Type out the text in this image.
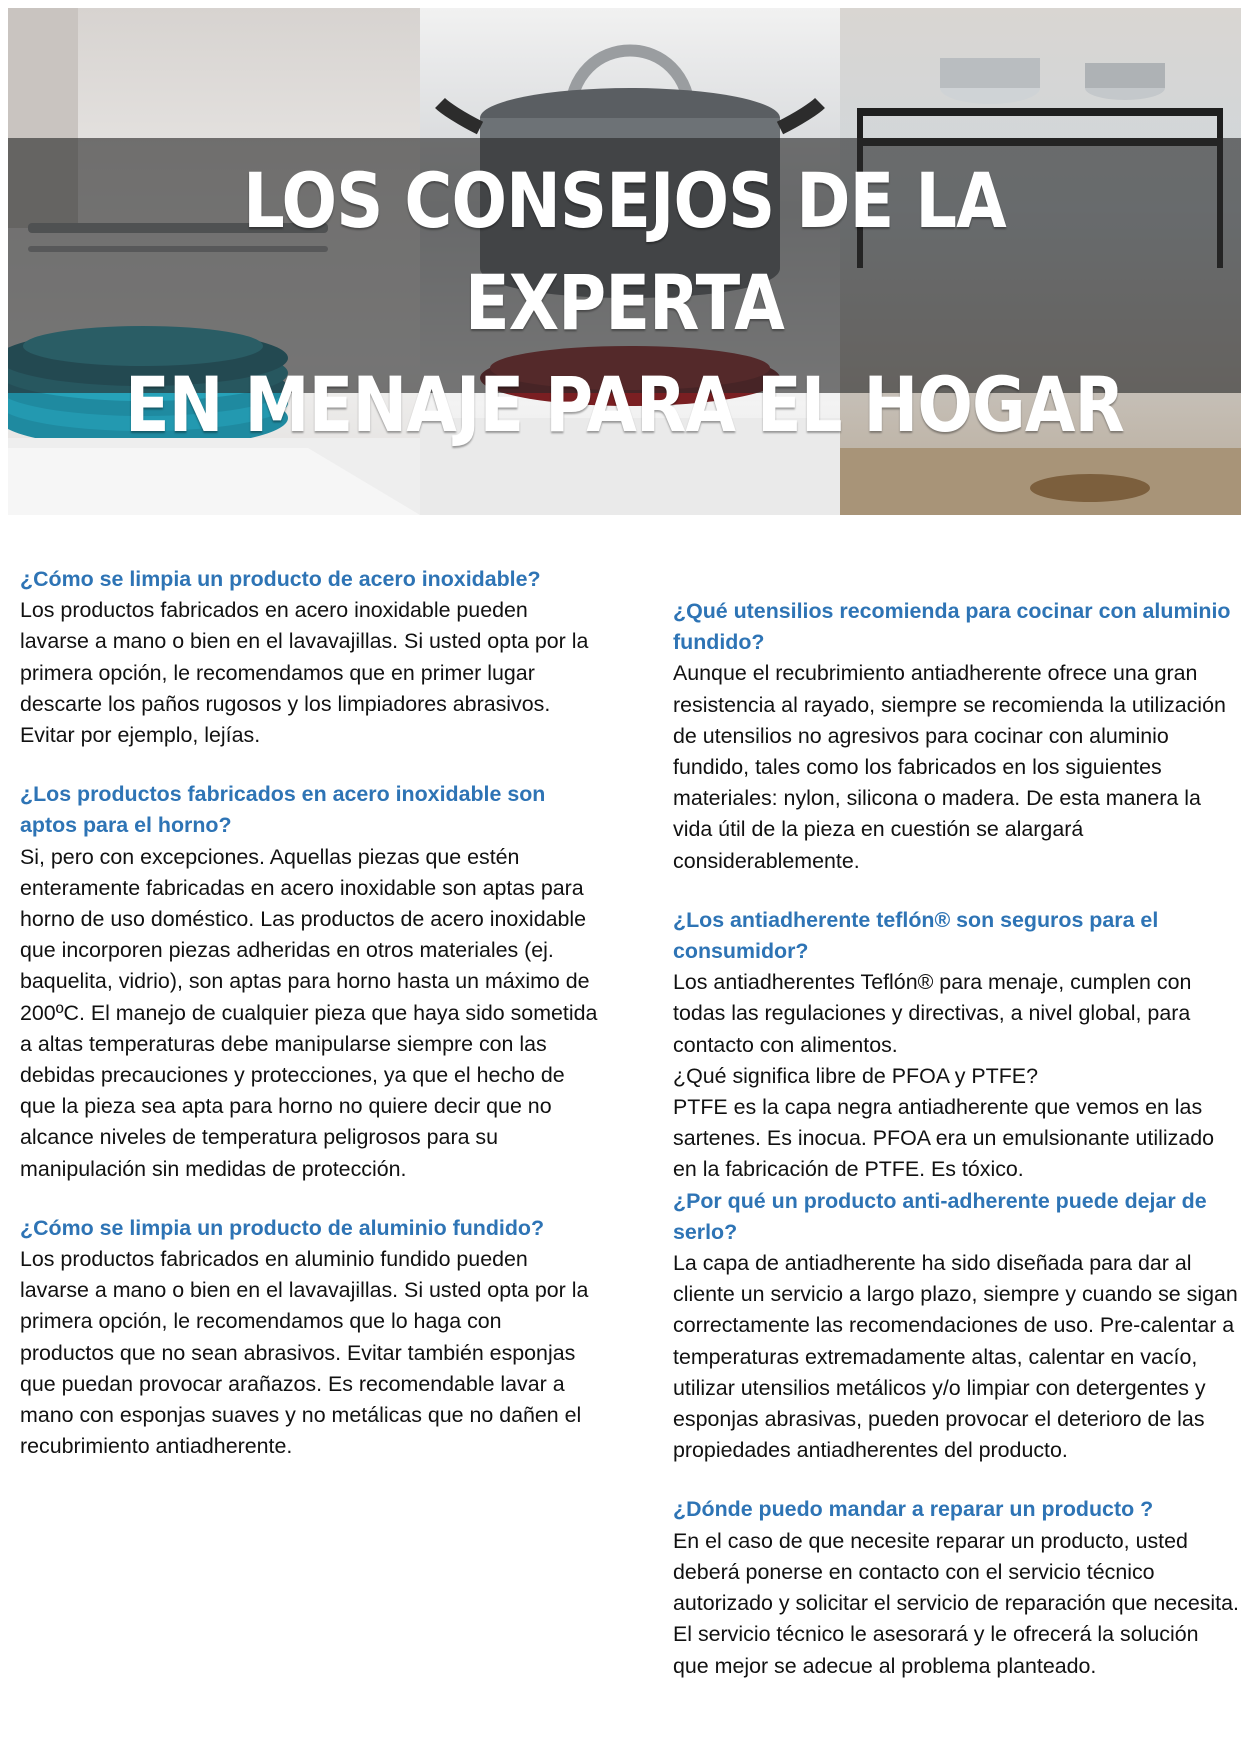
LOS CONSEJOS DE LA EXPERTA
EN MENAJE PARA EL HOGAR

¿Cómo se limpia un producto de acero inoxidable?

Los productos fabricados en acero inoxidable pueden lavarse a mano o bien en el lavavajillas. Si usted opta por la primera opción, le recomendamos que en primer lugar descarte los paños rugosos y los limpiadores abrasivos. Evitar por ejemplo, lejías.

¿Los productos fabricados en acero inoxidable son aptos para el horno?

Si, pero con excepciones. Aquellas piezas que estén enteramente fabricadas en acero inoxidable son aptas para horno de uso doméstico. Las productos de acero inoxidable que incorporen piezas adheridas en otros materiales (ej. baquelita, vidrio), son aptas para horno hasta un máximo de 200ºC. El manejo de cualquier pieza que haya sido sometida a altas temperaturas debe manipularse siempre con las debidas precauciones y protecciones, ya que el hecho de que la pieza sea apta para horno no quiere decir que no alcance niveles de temperatura peligrosos para su manipulación sin medidas de protección.

¿Cómo se limpia un producto de aluminio fundido?

Los productos fabricados en aluminio fundido pueden lavarse a mano o bien en el lavavajillas. Si usted opta por la primera opción, le recomendamos que lo haga con productos que no sean abrasivos. Evitar también esponjas que puedan provocar arañazos. Es recomendable lavar a mano con esponjas suaves y no metálicas que no dañen el recubrimiento antiadherente.

¿Qué utensilios recomienda para cocinar con aluminio fundido?

Aunque el recubrimiento antiadherente ofrece una gran resistencia al rayado, siempre se recomienda la utilización de utensilios no agresivos para cocinar con aluminio fundido, tales como los fabricados en los siguientes materiales: nylon, silicona o madera. De esta manera la vida útil de la pieza en cuestión se alargará considerablemente.

¿Los antiadherente teflón® son seguros para el consumidor?

Los antiadherentes Teflón® para menaje, cumplen con todas las regulaciones y directivas, a nivel global, para contacto con alimentos.

¿Qué significa libre de PFOA y PTFE?

PTFE es la capa negra antiadherente que vemos en las sartenes. Es inocua. PFOA era un emulsionante utilizado en la fabricación de PTFE. Es tóxico.

¿Por qué un producto anti-adherente puede dejar de serlo?

La capa de antiadherente ha sido diseñada para dar al cliente un servicio a largo plazo, siempre y cuando se sigan correctamente las recomendaciones de uso. Pre-calentar a temperaturas extremadamente altas, calentar en vacío, utilizar utensilios metálicos y/o limpiar con detergentes y esponjas abrasivas, pueden provocar el deterioro de las propiedades antiadherentes del producto.

¿Dónde puedo mandar a reparar un producto ?

En el caso de que necesite reparar un producto, usted deberá ponerse en contacto con el servicio técnico autorizado y solicitar el servicio de reparación que necesita. El servicio técnico le asesorará y le ofrecerá la solución que mejor se adecue al problema planteado.
